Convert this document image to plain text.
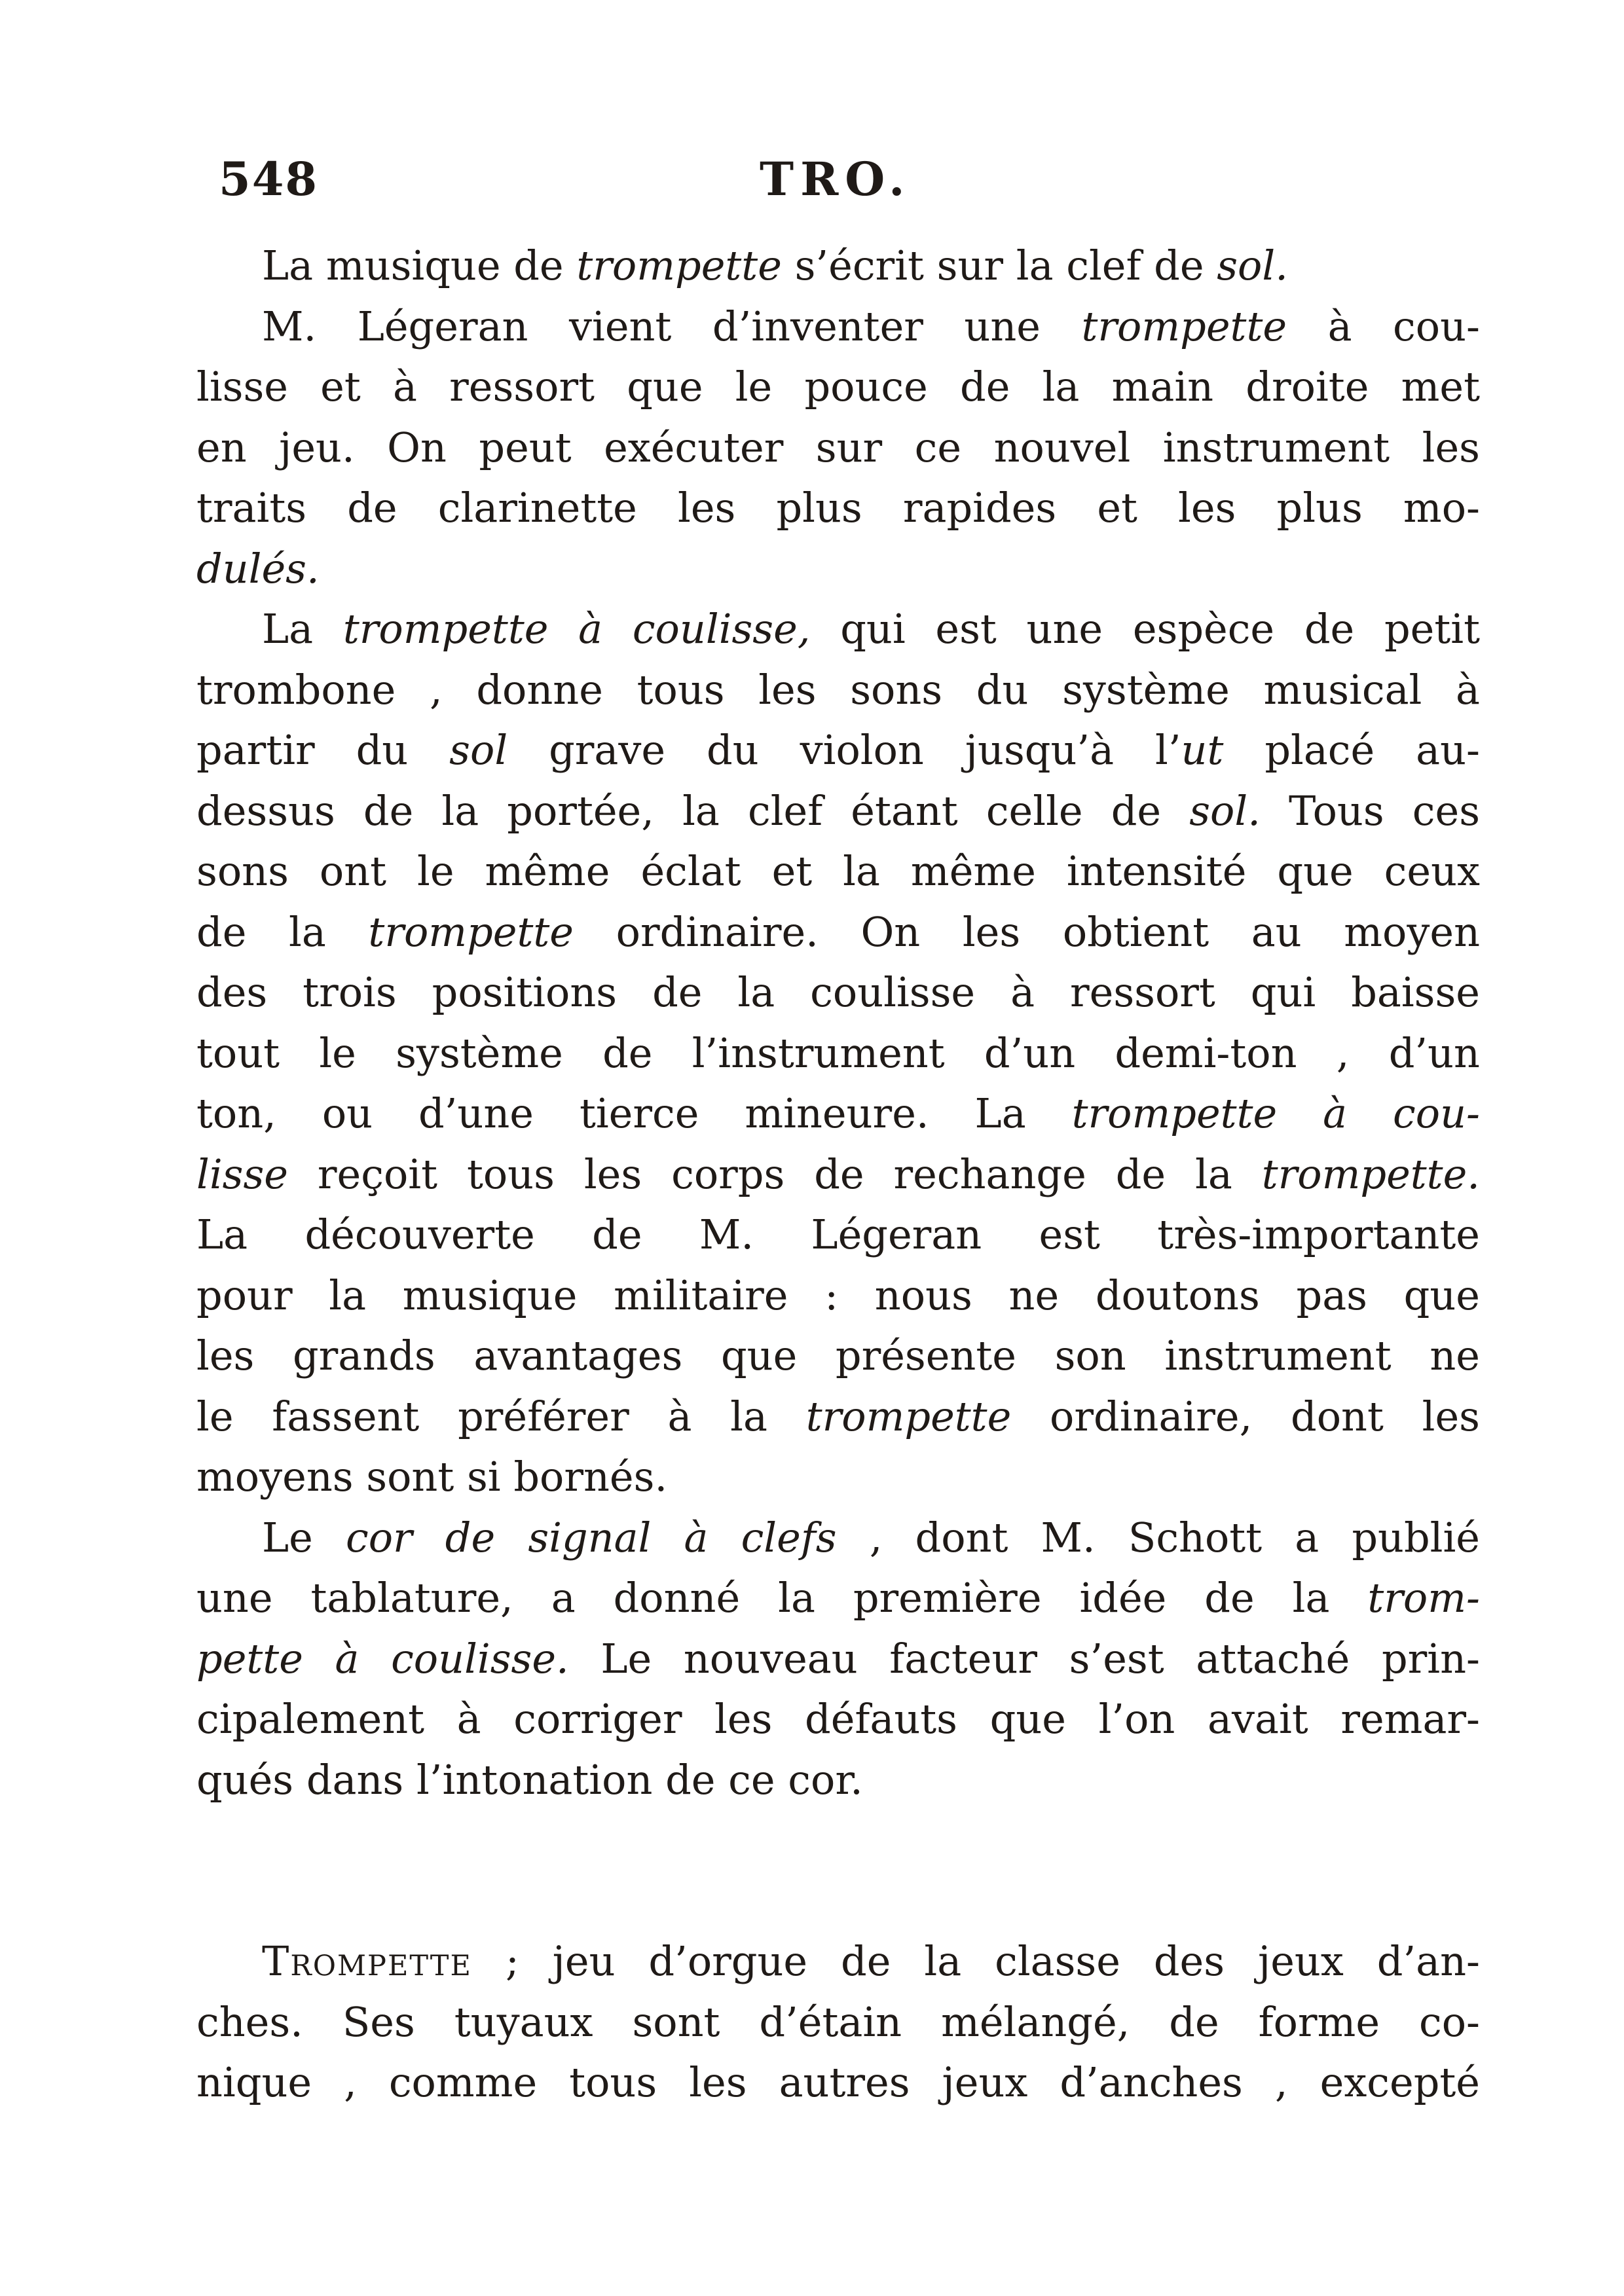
548	TRO.
La musique de trompette s’écrit sur la clef de sol.
M. Légeran vient d’inventer une trompette à cou-
lisse et à ressort que le pouce de la main droite met
en jeu. On peut exécuter sur ce nouvel instrument les
traits de clarinette les plus rapides et les plus mo-
dulés.
La trompette à coulisse, qui est une espèce de petit
trombone , donne tous les sons du système musical à
partir du sol grave du violon jusqu’à l’ut placé au-
dessus de la portée, la clef étant celle de sol. Tous ces
sons ont le même éclat et la même intensité que ceux
de la trompette ordinaire. On les obtient au moyen
des trois positions de la coulisse à ressort qui baisse
tout le système de l’instrument d’un demi-ton , d’un
ton, ou d’une tierce mineure. La trompette à cou-
lisse reçoit tous les corps de rechange de la trompette.
La découverte de M. Légeran est très-importante
pour la musique militaire : nous ne doutons pas que
les grands avantages que présente son instrument ne
le fassent préférer à la trompette ordinaire, dont les
moyens sont si bornés.
Le cor de signal à clefs , dont M. Schott a publié
une tablature, a donné la première idée de la trom-
pette à coulisse. Le nouveau facteur s’est attaché prin-
cipalement à corriger les défauts que l’on avait remar-
qués dans l’intonation de ce cor.
Trompette ; jeu d’orgue de la classe des jeux d’an-
ches. Ses tuyaux sont d’étain mélangé, de forme co-
nique , comme tous les autres jeux d’anches , excepté
